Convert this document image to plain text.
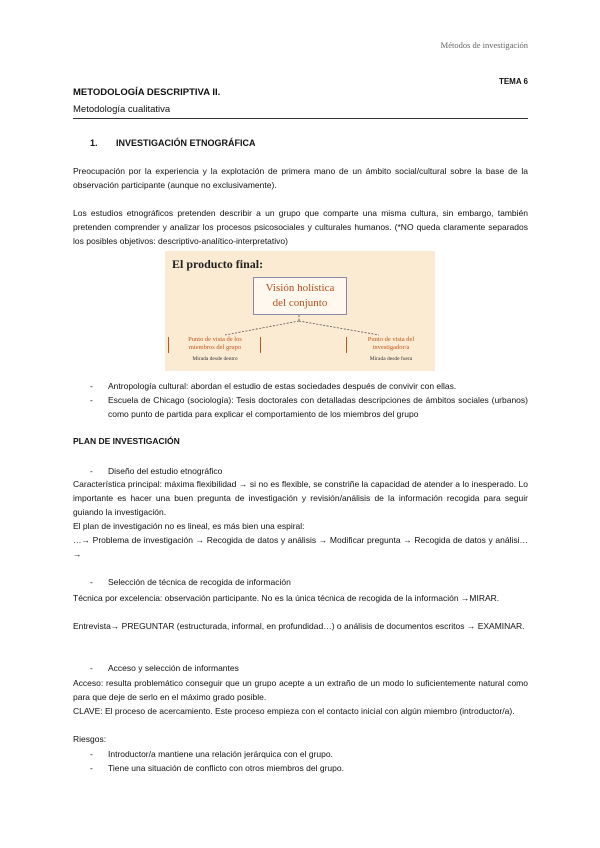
Métodos de investigación
TEMA 6
METODOLOGÍA DESCRIPTIVA II.
Metodología cualitativa
1. INVESTIGACIÓN ETNOGRÁFICA

Preocupación por la experiencia y la explotación de primera mano de un ámbito social/cultural sobre la base de la observación participante (aunque no exclusivamente).

Los estudios etnográficos pretenden describir a un grupo que comparte una misma cultura, sin embargo, también pretenden comprender y analizar los procesos psicosociales y culturales humanos. (*NO queda claramente separados los posibles objetivos: descriptivo-analítico-interpretativo)

El producto final:
Visión holística
del conjunto
Punto de vista de los
miembros del grupo
Mirada desde dentro
Punto de vista del
investigador/a
Mirada desde fuera
- Antropología cultural: abordan el estudio de estas sociedades después de convivir con ellas.
- Escuela de Chicago (sociología): Tesis doctorales con detalladas descripciones de ámbitos sociales (urbanos) como punto de partida para explicar el comportamiento de los miembros del grupo
PLAN DE INVESTIGACIÓN
- Diseño del estudio etnográfico

Característica principal: máxima flexibilidad → si no es flexible, se constriñe la capacidad de atender a lo inesperado. Lo importante es hacer una buen pregunta de investigación y revisión/análisis de la información recogida para seguir guiando la investigación.

El plan de investigación no es lineal, es más bien una espiral:

…→ Problema de investigación → Recogida de datos y análisis → Modificar pregunta → Recogida de datos y análisi…→

- Selección de técnica de recogida de información

Técnica por excelencia: observación participante. No es la única técnica de recogida de la información →MIRAR.

Entrevista→ PREGUNTAR (estructurada, informal, en profundidad…) o análisis de documentos escritos → EXAMINAR.

- Acceso y selección de informantes

Acceso: resulta problemático conseguir que un grupo acepte a un extraño de un modo lo suficientemente natural como para que deje de serlo en el máximo grado posible.

CLAVE: El proceso de acercamiento. Este proceso empieza con el contacto inicial con algún miembro (introductor/a).

Riesgos:

- Introductor/a mantiene una relación jerárquica con el grupo.
- Tiene una situación de conflicto con otros miembros del grupo.
